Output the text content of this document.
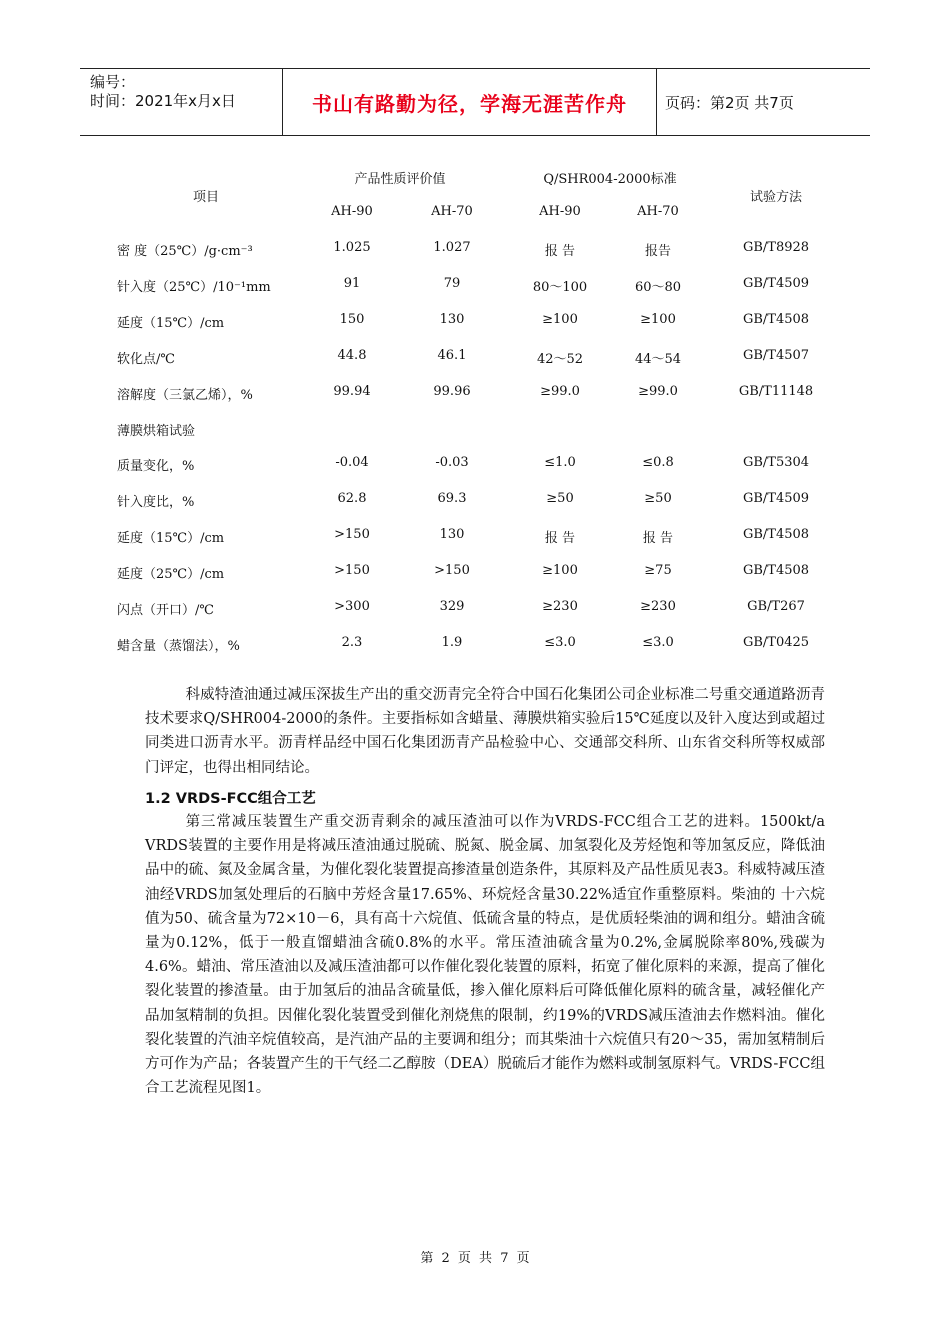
编号：
时间：2021年x月x日	书山有路勤为径，学海无涯苦作舟	页码：第2页 共7页
项目
产品性质评价值	Q/SHR004-2000标准
试验方法
AH-90	AH-70	AH-90	AH-70
密 度（25℃）/g·cm⁻³	1.025	1.027	报 告	报告	GB/T8928
针入度（25℃）/10⁻¹mm	91	79	80～100	60～80	GB/T4509
延度（15℃）/cm	150	130	≥100	≥100	GB/T4508
软化点/℃	44.8	46.1	42～52	44～54	GB/T4507
溶解度（三氯乙烯），%	99.94	99.96	≥99.0	≥99.0	GB/T11148
薄膜烘箱试验
质量变化，%	-0.04	-0.03	≤1.0	≤0.8	GB/T5304
针入度比，%	62.8	69.3	≥50	≥50	GB/T4509
延度（15℃）/cm	>150	130	报 告	报 告	GB/T4508
延度（25℃）/cm	>150	>150	≥100	≥75	GB/T4508
闪点（开口）/℃	>300	329	≥230	≥230	GB/T267
蜡含量（蒸馏法），%	2.3	1.9	≤3.0	≤3.0	GB/T0425
科威特渣油通过减压深拔生产出的重交沥青完全符合中国石化集团公司企业标准二号重交通道路沥青技术要求Q/SHR004-2000的条件。主要指标如含蜡量、薄膜烘箱实验后15℃延度以及针入度达到或超过同类进口沥青水平。沥青样品经中国石化集团沥青产品检验中心、交通部交科所、山东省交科所等权威部门评定，也得出相同结论。
1.2 VRDS-FCC组合工艺
第三常减压装置生产重交沥青剩余的减压渣油可以作为VRDS-FCC组合工艺的进料。1500kt/a VRDS装置的主要作用是将减压渣油通过脱硫、脱氮、脱金属、加氢裂化及芳烃饱和等加氢反应，降低油品中的硫、氮及金属含量，为催化裂化装置提高掺渣量创造条件，其原料及产品性质见表3。科威特减压渣油经VRDS加氢处理后的石脑中芳烃含量17.65%、环烷烃含量30.22%适宜作重整原料。柴油的 十六烷值为50、硫含量为72×10－6，具有高十六烷值、低硫含量的特点，是优质轻柴油的调和组分。蜡油含硫量为0.12%，低于一般直馏蜡油含硫0.8%的水平。常压渣油硫含量为0.2%,金属脱除率80%,残碳为4.6%。蜡油、常压渣油以及减压渣油都可以作催化裂化装置的原料，拓宽了催化原料的来源，提高了催化裂化装置的掺渣量。由于加氢后的油品含硫量低，掺入催化原料后可降低催化原料的硫含量，减轻催化产品加氢精制的负担。因催化裂化装置受到催化剂烧焦的限制，约19%的VRDS减压渣油去作燃料油。催化裂化装置的汽油辛烷值较高，是汽油产品的主要调和组分；而其柴油十六烷值只有20～35，需加氢精制后方可作为产品；各装置产生的干气经二乙醇胺（DEA）脱硫后才能作为燃料或制氢原料气。VRDS-FCC组合工艺流程见图1。
第 2 页 共 7 页
